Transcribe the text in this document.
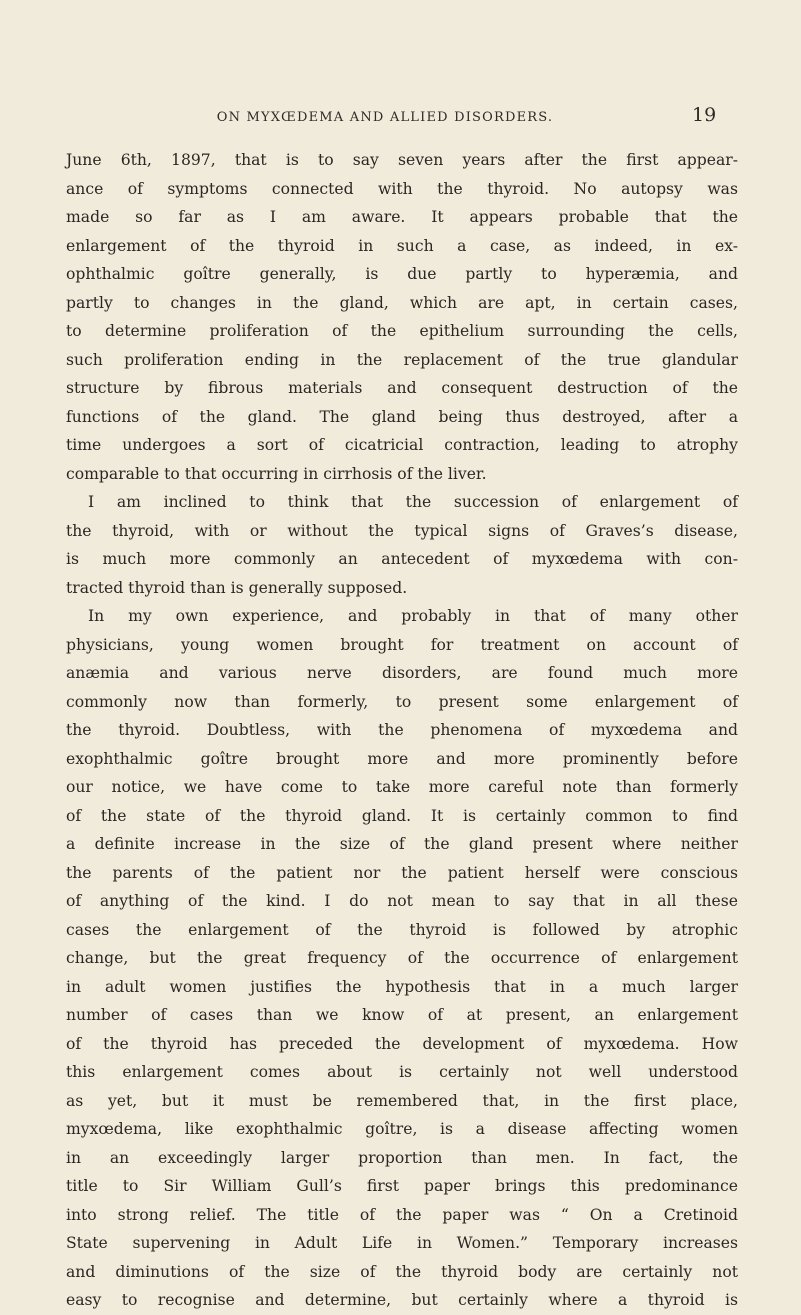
ON MYXŒDEMA AND ALLIED DISORDERS.	19
June 6th, 1897, that is to say seven years after the first appear-
ance of symptoms connected with the thyroid. No autopsy was
made so far as I am aware. It appears probable that the
enlargement of the thyroid in such a case, as indeed, in ex-
ophthalmic goître generally, is due partly to hyperæmia, and
partly to changes in the gland, which are apt, in certain cases,
to determine proliferation of the epithelium surrounding the cells,
such proliferation ending in the replacement of the true glandular
structure by fibrous materials and consequent destruction of the
functions of the gland. The gland being thus destroyed, after a
time undergoes a sort of cicatricial contraction, leading to atrophy
comparable to that occurring in cirrhosis of the liver.
I am inclined to think that the succession of enlargement of
the thyroid, with or without the typical signs of Graves’s disease,
is much more commonly an antecedent of myxœdema with con-
tracted thyroid than is generally supposed.
In my own experience, and probably in that of many other
physicians, young women brought for treatment on account of
anæmia and various nerve disorders, are found much more
commonly now than formerly, to present some enlargement of
the thyroid. Doubtless, with the phenomena of myxœdema and
exophthalmic goître brought more and more prominently before
our notice, we have come to take more careful note than formerly
of the state of the thyroid gland. It is certainly common to find
a definite increase in the size of the gland present where neither
the parents of the patient nor the patient herself were conscious
of anything of the kind. I do not mean to say that in all these
cases the enlargement of the thyroid is followed by atrophic
change, but the great frequency of the occurrence of enlargement
in adult women justifies the hypothesis that in a much larger
number of cases than we know of at present, an enlargement
of the thyroid has preceded the development of myxœdema. How
this enlargement comes about is certainly not well understood
as yet, but it must be remembered that, in the first place,
myxœdema, like exophthalmic goître, is a disease affecting women
in an exceedingly larger proportion than men. In fact, the
title to Sir William Gull’s first paper brings this predominance
into strong relief. The title of the paper was “ On a Cretinoid
State supervening in Adult Life in Women.” Temporary increases
and diminutions of the size of the thyroid body are certainly not
easy to recognise and determine, but certainly where a thyroid is
